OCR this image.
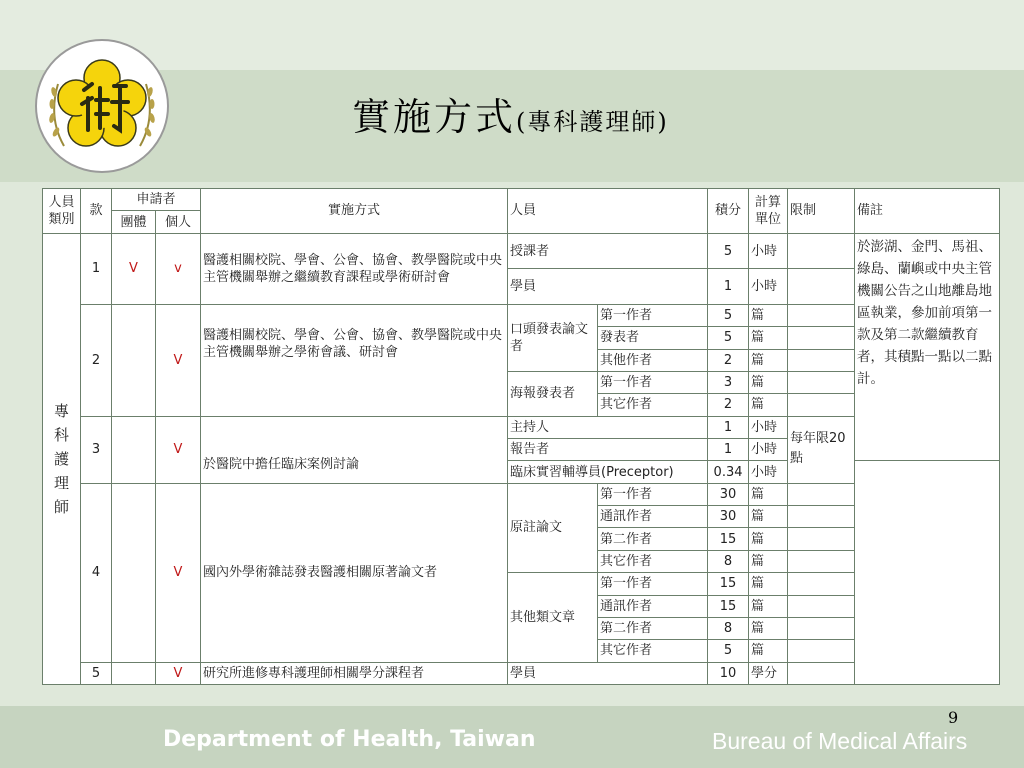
實施方式(專科護理師)
人員類別	款	申請者		實施方式	人員		積分	計算單位	限制	備註
		團體	個人							

專
科
護
理
師	1	V	v	醫護相關校院、學會、公會、協會、教學醫院或中央主管機關舉辦之繼續教育課程或學術研討會	授課者		5	小時		於澎湖、金門、馬祖、綠島、蘭嶼或中央主管機關公告之山地離島地區執業，參加前項第一款及第二款繼續教育者，其積點一點以二點計。
					學員		1	小時		
	2		V	醫護相關校院、學會、公會、協會、教學醫院或中央主管機關舉辦之學術會議、研討會	口頭發表論文者	第一作者	5	篇		
						發表者	5	篇		
						其他作者	2	篇		
					海報發表者	第一作者	3	篇		
						其它作者	2	篇		
	3		V	於醫院中擔任臨床案例討論	主持人		1	小時	每年限20點	
					報告者		1	小時		
					臨床實習輔導員(Preceptor)		0.34	小時		
	4		V	國內外學術雜誌發表醫護相關原著論文者	原註論文	第一作者	30	篇		
						通訊作者	30	篇		
						第二作者	15	篇		
						其它作者	8	篇		
					其他類文章	第一作者	15	篇		
						通訊作者	15	篇		
						第二作者	8	篇		
						其它作者	5	篇		
	5		V	研究所進修專科護理師相關學分課程者	學員		10	學分		
9
Department of Health, Taiwan	Bureau of Medical Affairs
